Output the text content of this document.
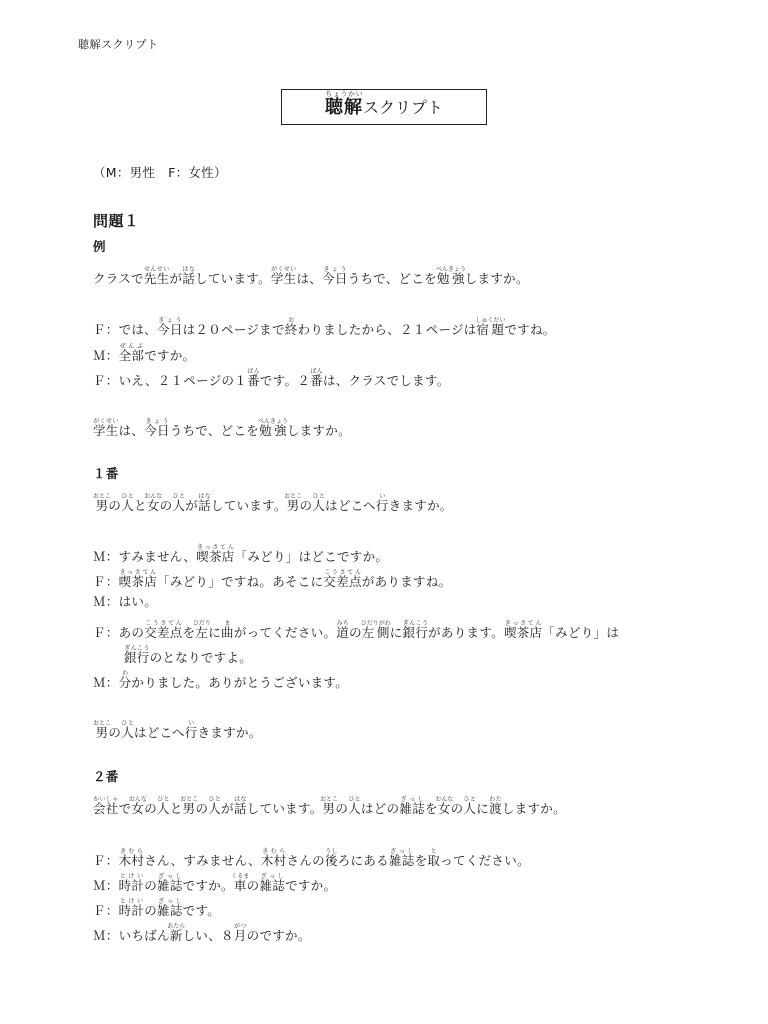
聴解スクリプト
聴解ちょうかいスクリプト
（M：男性　F：女性）
問題１
例
クラスで先生せんせいが話はなしています。学生がくせいは、今日きょううちで、どこを勉強べんきょうしますか。
Ｆ：では、今日きょうは２０ページまで終おわりましたから、２１ページは宿題しゅくだいですね。
Ｍ：全部ぜんぶですか。
Ｆ：いえ、２１ページの１番ばんです。２番ばんは、クラスでします。
学生がくせいは、今日きょううちで、どこを勉強べんきょうしますか。
１番
男おとこの人ひとと女おんなの人ひとが話はなしています。男おとこの人ひとはどこへ行いきますか。
Ｍ：すみません、喫茶店きっさてん「みどり」はどこですか。
Ｆ：喫茶店きっさてん「みどり」ですね。あそこに交差点こうさてんがありますね。
Ｍ：はい。
Ｆ：あの交差点こうさてんを左ひだりに曲まがってください。道みちの左側ひだりがわに銀行ぎんこうがあります。喫茶店きっさてん「みどり」は
銀行ぎんこうのとなりですよ。
Ｍ：分わかりました。ありがとうございます。
男おとこの人ひとはどこへ行いきますか。
２番
会社かいしゃで女おんなの人ひとと男おとこの人ひとが話はなしています。男おとこの人ひとはどの雑誌ざっしを女おんなの人ひとに渡わたしますか。
Ｆ：木村きむらさん、すみません、木村きむらさんの後うしろにある雑誌ざっしを取とってください。
Ｍ：時計とけいの雑誌ざっしですか。車くるまの雑誌ざっしですか。
Ｆ：時計とけいの雑誌ざっしです。
Ｍ：いちばん新あたらしい、８月がつのですか。
